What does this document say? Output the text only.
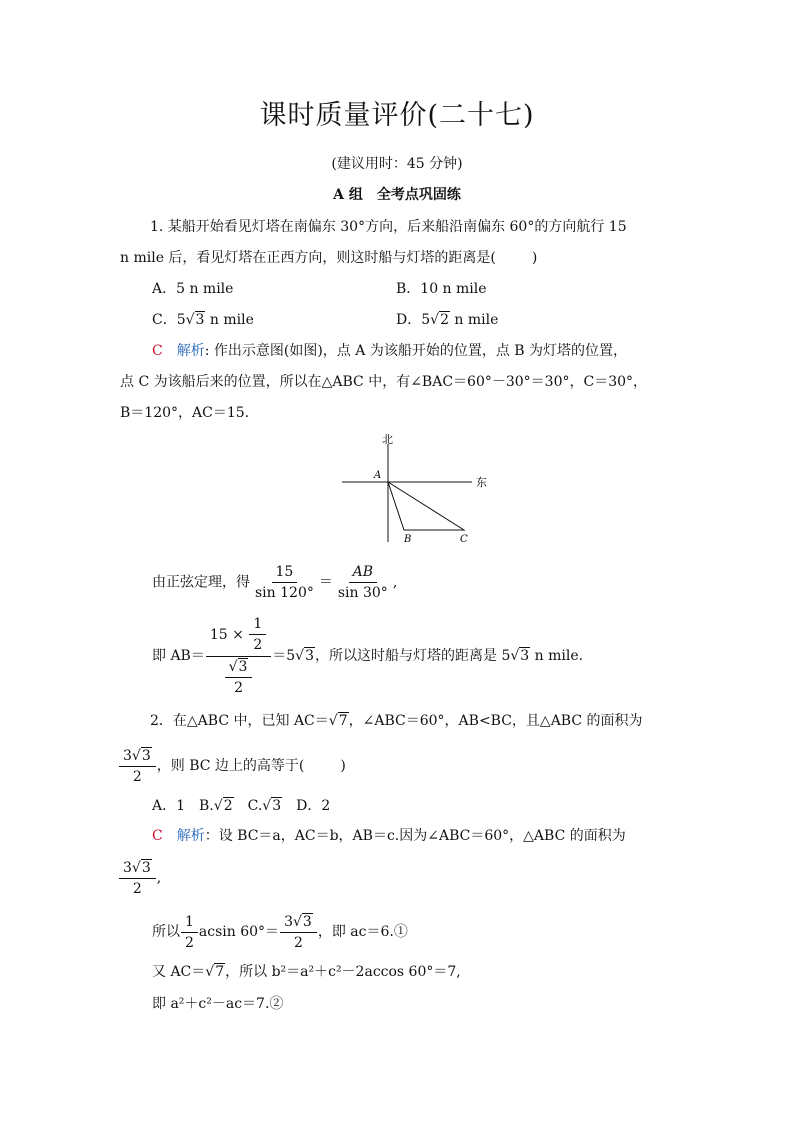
课时质量评价(二十七)
(建议用时：45 分钟)
A 组　全考点巩固练
1. 某船开始看见灯塔在南偏东 30°方向，后来船沿南偏东 60°的方向航行 15
n mile 后，看见灯塔在正西方向，则这时船与灯塔的距离是(	)
A．5 n mile	B．10 n mile
C．5√3 n mile	D．5√2 n mile
C　 解析: 作出示意图(如图)，点 A 为该船开始的位置，点 B 为灯塔的位置，
点 C 为该船后来的位置，所以在△ABC 中，有∠BAC＝60°－30°＝30°，C＝30°，
B＝120°，AC＝15.
北
东
A
B	C
由正弦定理，得 $\frac{15}{\sin 120^\circ} = \frac{AB}{\sin 30^\circ}$ ,
即 $AB= \frac{15 \times \frac{1}{2}}{\frac{√3}{2}} =5√3$，所以这时船与灯塔的距离是 5√3 n mile.
2．在△ABC 中，已知 AC＝√7，∠ABC＝60°，AB<BC，且△ABC 的面积为
$\frac{3√3}{2}$ ，则 BC 边上的高等于(	)
A．1　B.√2　C.√3　D．2
C　 解析：设 BC＝a，AC＝b，AB＝c.因为∠ABC＝60°，△ABC 的面积为
$\frac{3√3}{2}$ ,
所以 $\frac{1}{2}$ acsin $60^\circ= \frac{3√3}{2}$ ，即 ac＝6.①
又 AC＝√7，所以 b²＝a²＋c²－2accos 60°＝7,
即 a²＋c²－ac＝7.②
